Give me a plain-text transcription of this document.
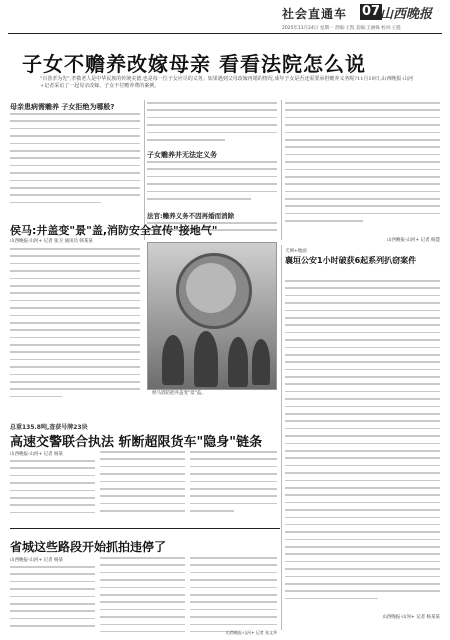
社会直通车 07 山西晚报
2025年11月24日 星期一 责编:王凯 美编:王丽姝 校对:王挺
子女不赡养改嫁母亲 看看法院怎么说
"百善孝为先",孝敬老人是中华民族的传统美德,也是每一位子女应尽的义务。如果遇到父母改嫁再婚的情况,成年子女是否还需要承担赡养义务呢?11月19日,山西晚报·山河+记者采访了一起母亲改嫁、子女不付赡养费的案例。
母亲患病需赡养 子女拒绝为哪般?
子女赡养并无法定义务
法官:赡养义务不因再婚而消除
山西晚报·山河+ 记者 杨慧
侯马:井盖变"景"盖,消防安全宣传"接地气"
山西晚报·山河+ 记者 张卫 通讯员 韩某某
侯马消防把井盖变"景"盖。
天网+地面
襄垣公安1小时破获6起系列扒窃案件
山西晚报·山河+ 记者 杨某某
总重135.8吨,查获号牌23块
高速交警联合执法 斩断超限货车"隐身"链条
山西晚报·山河+ 记者 杨某
省城这些路段开始抓拍违停了
山西晚报·山河+ 记者 杨某
山西晚报·山河+ 记者 张文华
